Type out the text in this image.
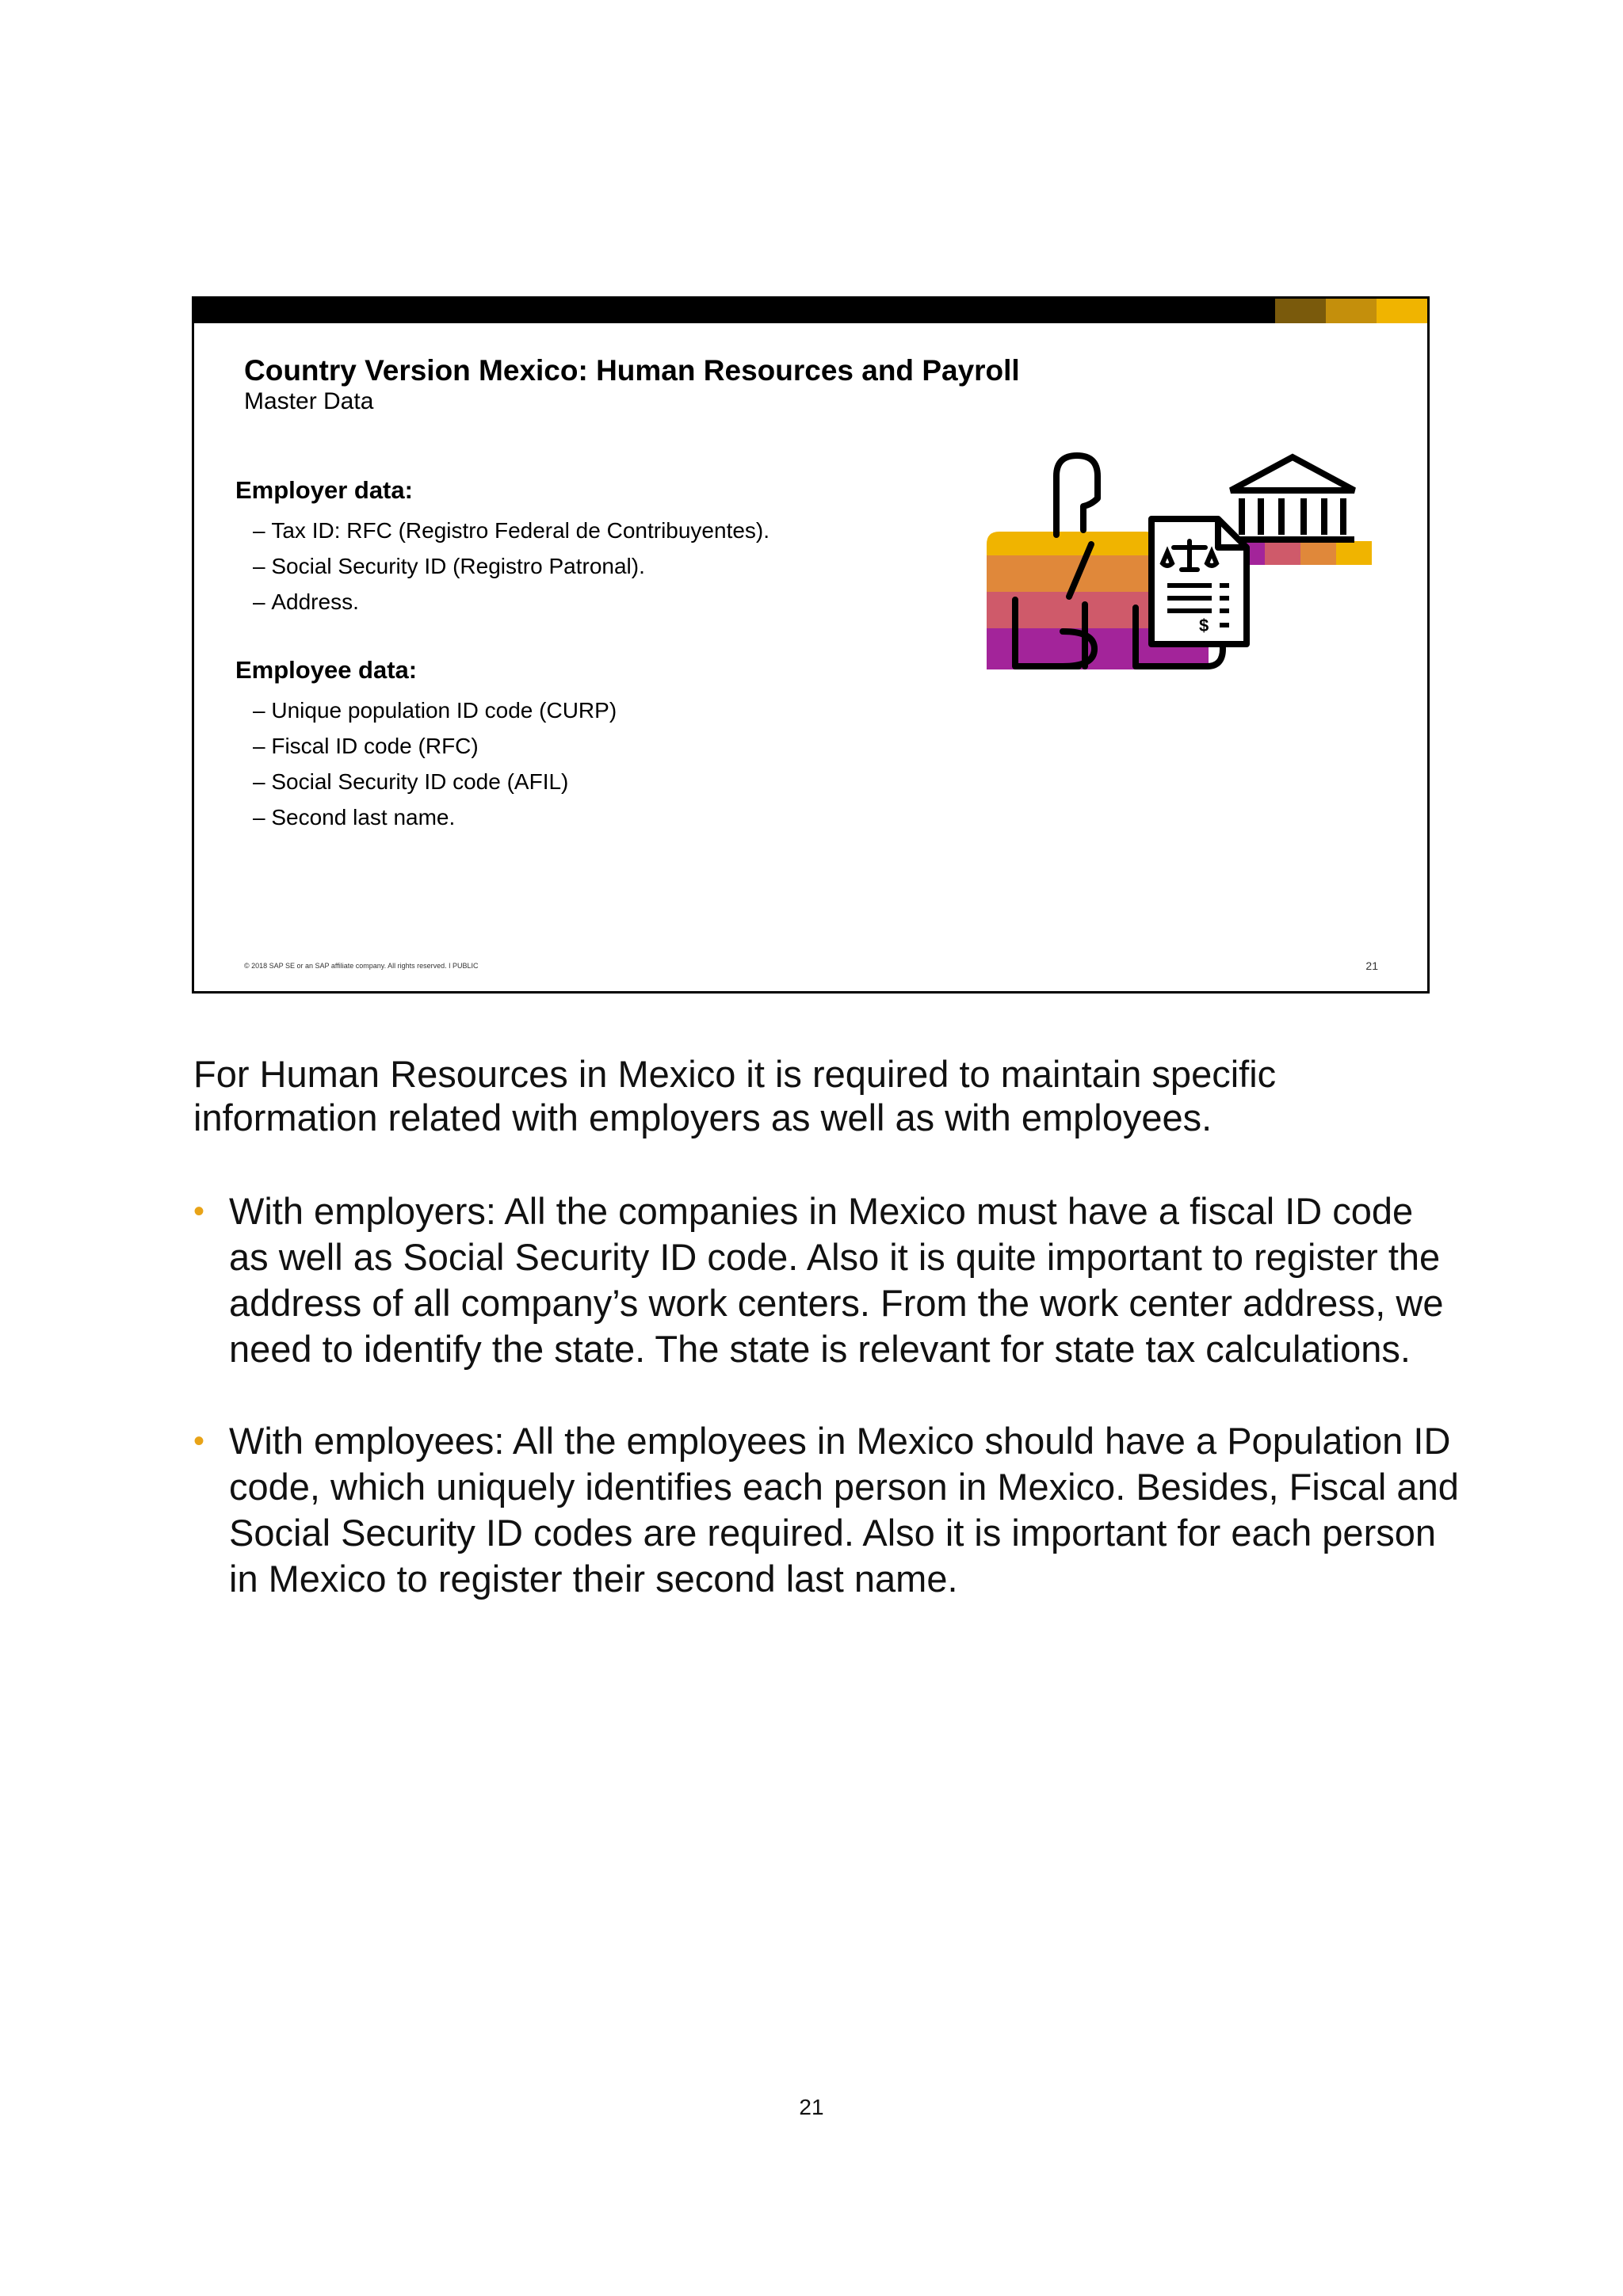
Country Version Mexico: Human Resources and Payroll
Master Data
Employer data:
– Tax ID: RFC (Registro Federal de Contribuyentes).
– Social Security ID (Registro Patronal).
– Address.
Employee data:
– Unique population ID code (CURP)
– Fiscal ID code (RFC)
– Social Security ID code (AFIL)
– Second last name.
$
© 2018 SAP SE or an SAP affiliate company. All rights reserved. ǀ PUBLIC	21

For Human Resources in Mexico it is required to maintain specific information related with employers as well as with employees.

• With employers: All the companies in Mexico must have a fiscal ID code as well as Social Security ID code. Also it is quite important to register the address of all company’s work centers. From the work center address, we need to identify the state. The state is relevant for state tax calculations.
• With employees: All the employees in Mexico should have a Population ID code, which uniquely identifies each person in Mexico. Besides, Fiscal and Social Security ID codes are required. Also it is important for each person in Mexico to register their second last name.
21
